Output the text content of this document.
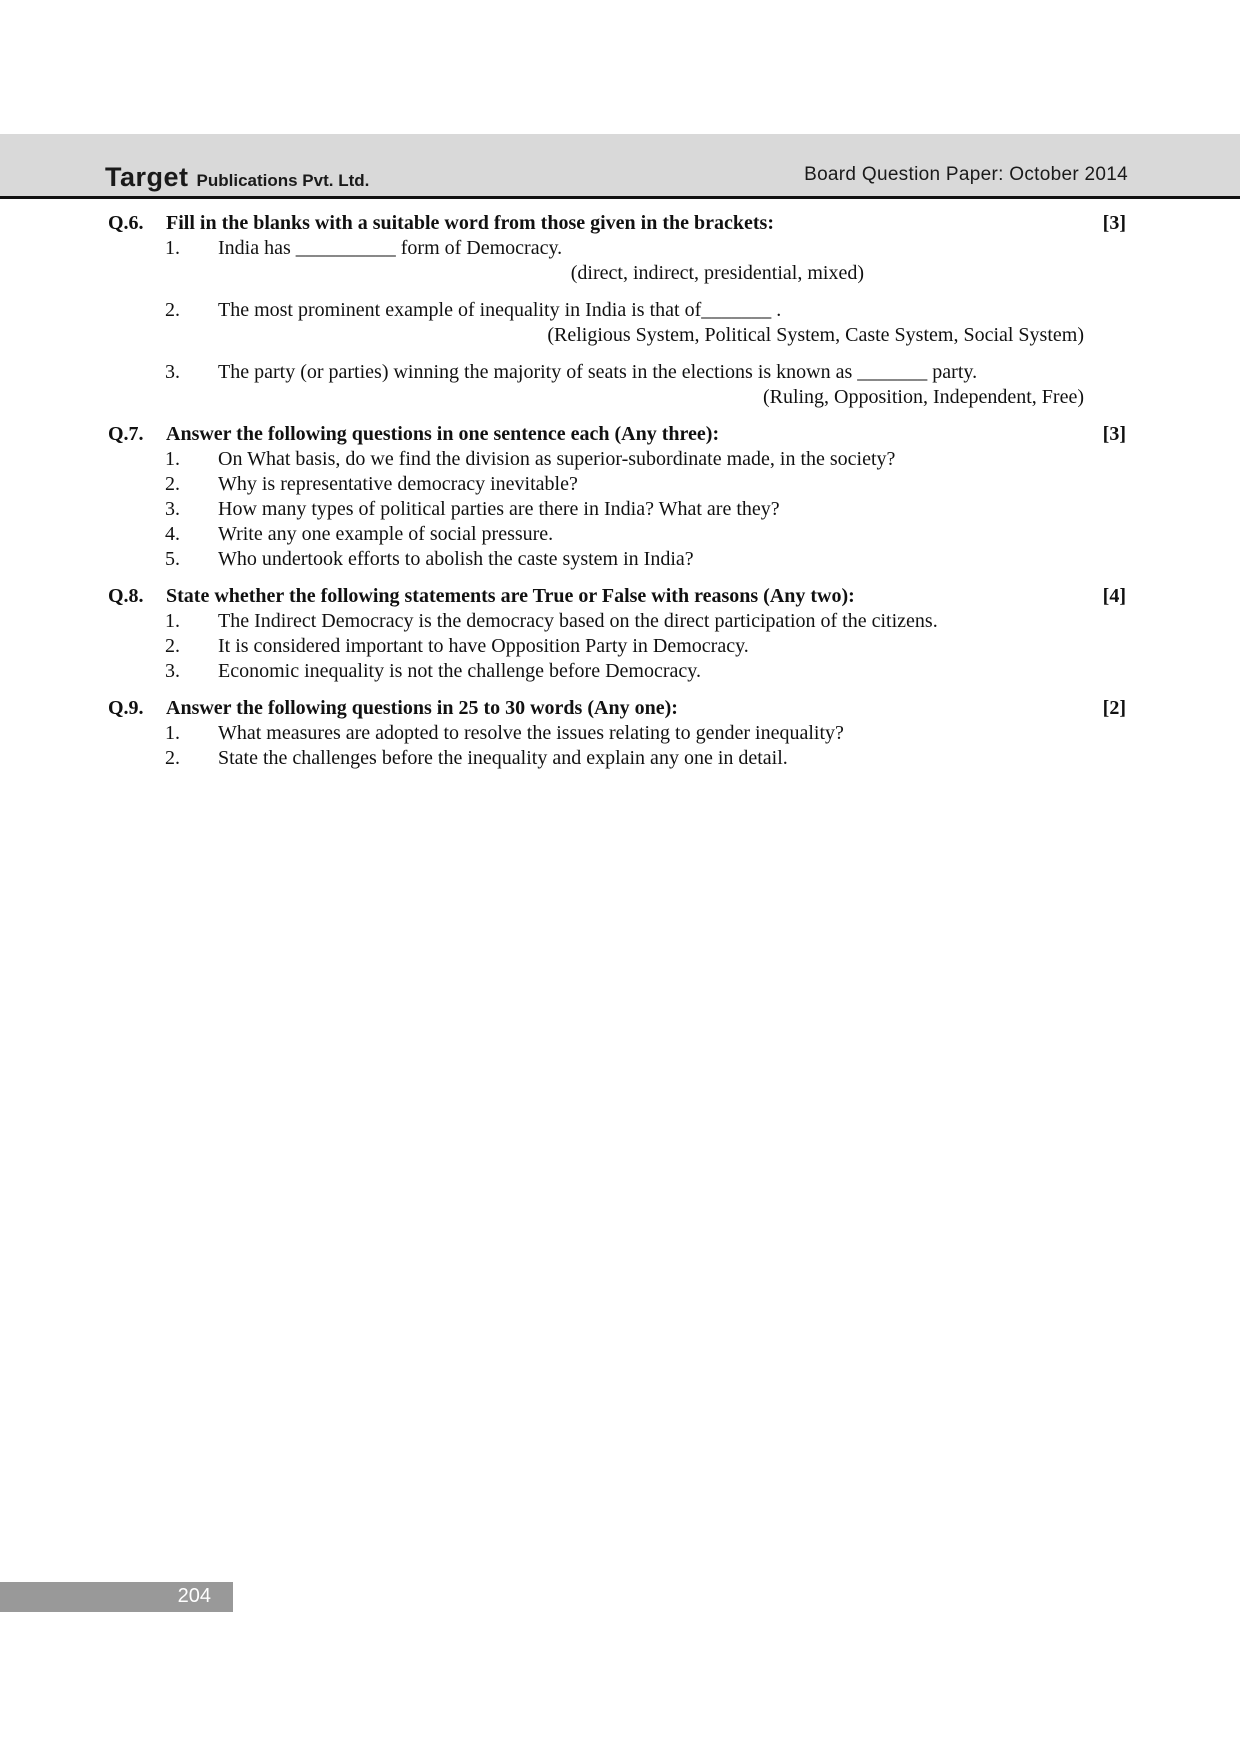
Target Publications Pvt. Ltd.	Board Question Paper: October 2014
Q.6.	Fill in the blanks with a suitable word from those given in the brackets:	[3]
1.	India has __________ form of Democracy.
(direct, indirect, presidential, mixed)
2.	The most prominent example of inequality in India is that of_______ .
(Religious System, Political System, Caste System, Social System)
3.	The party (or parties) winning the majority of seats in the elections is known as _______ party.
(Ruling, Opposition, Independent, Free)
Q.7.	Answer the following questions in one sentence each (Any three):	[3]
1.	On What basis, do we find the division as superior-subordinate made, in the society?
2.	Why is representative democracy inevitable?
3.	How many types of political parties are there in India? What are they?
4.	Write any one example of social pressure.
5.	Who undertook efforts to abolish the caste system in India?
Q.8.	State whether the following statements are True or False with reasons (Any two):	[4]
1.	The Indirect Democracy is the democracy based on the direct participation of the citizens.
2.	It is considered important to have Opposition Party in Democracy.
3.	Economic inequality is not the challenge before Democracy.
Q.9.	Answer the following questions in 25 to 30 words (Any one):	[2]
1.	What measures are adopted to resolve the issues relating to gender inequality?
2.	State the challenges before the inequality and explain any one in detail.
204
